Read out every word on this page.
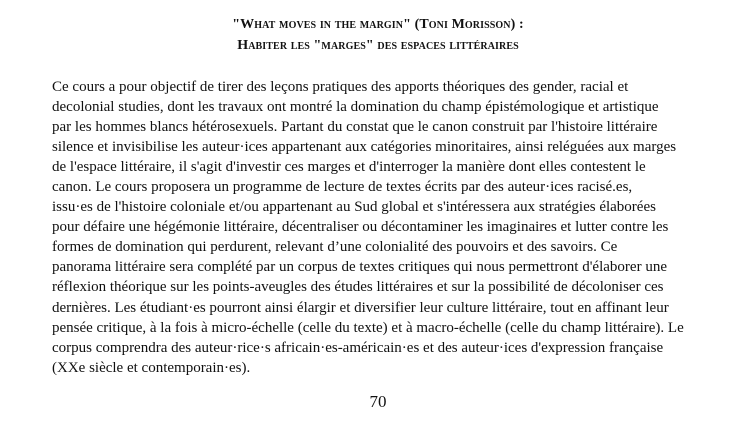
"What moves in the margin" (Toni Morisson) :
Habiter les "marges" des espaces littéraires

Ce cours a pour objectif de tirer des leçons pratiques des apports théoriques des gender, racial et
decolonial studies, dont les travaux ont montré la domination du champ épistémologique et artistique
par les hommes blancs hétérosexuels. Partant du constat que le canon construit par l'histoire littéraire
silence et invisibilise les auteur·ices appartenant aux catégories minoritaires, ainsi reléguées aux marges
de l'espace littéraire, il s'agit d'investir ces marges et d'interroger la manière dont elles contestent le
canon. Le cours proposera un programme de lecture de textes écrits par des auteur·ices racisé.es,
issu·es de l'histoire coloniale et/ou appartenant au Sud global et s'intéressera aux stratégies élaborées
pour défaire une hégémonie littéraire, décentraliser ou décontaminer les imaginaires et lutter contre les
formes de domination qui perdurent, relevant d’une colonialité des pouvoirs et des savoirs. Ce
panorama littéraire sera complété par un corpus de textes critiques qui nous permettront d'élaborer une
réflexion théorique sur les points-aveugles des études littéraires et sur la possibilité de décoloniser ces
dernières. Les étudiant·es pourront ainsi élargir et diversifier leur culture littéraire, tout en affinant leur
pensée critique, à la fois à micro-échelle (celle du texte) et à macro-échelle (celle du champ littéraire). Le
corpus comprendra des auteur·rice·s africain·es-américain·es et des auteur·ices d'expression française
(XXe siècle et contemporain·es).

70
